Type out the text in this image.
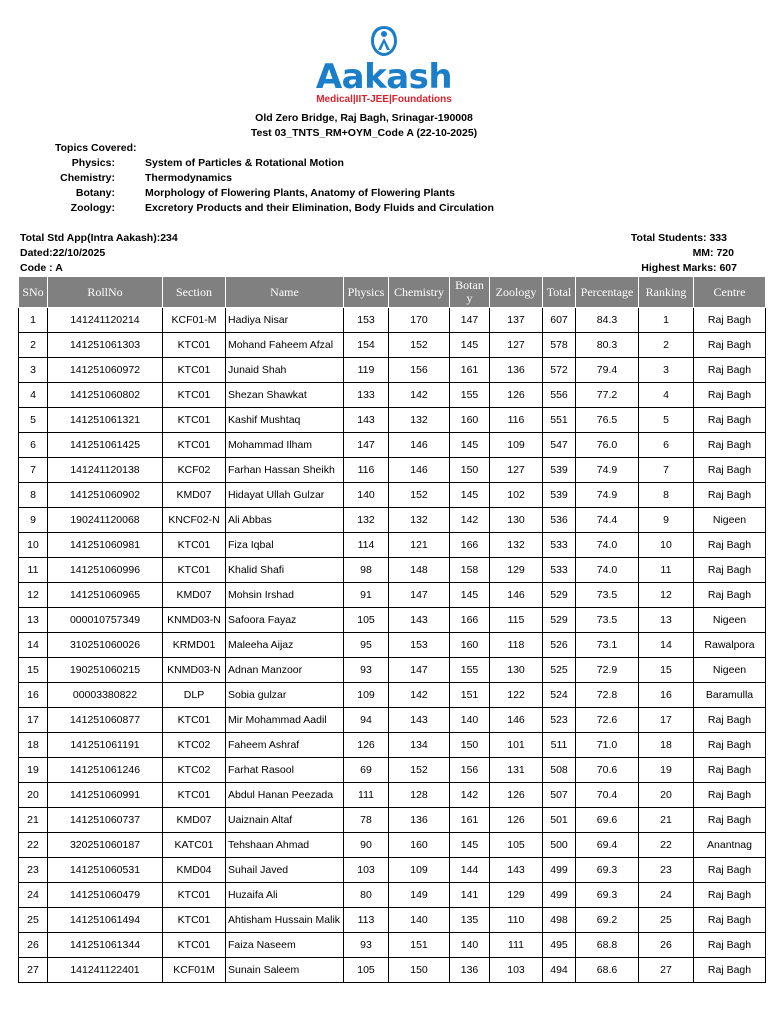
Aakash
Medical|IIT-JEE|Foundations
Old Zero Bridge, Raj Bagh, Srinagar-190008
Test 03_TNTS_RM+OYM_Code A (22-10-2025)
Topics Covered:
Physics:	System of Particles & Rotational Motion
Chemistry:	Thermodynamics
Botany:	Morphology of Flowering Plants, Anatomy of Flowering Plants
Zoology:	Excretory Products and their Elimination, Body Fluids and Circulation
Total Std App(Intra Aakash):234
Dated:22/10/2025
Code : A
Total Students: 333
MM: 720
Highest Marks: 607
SNo	RollNo	Section	Name	Physics	Chemistry	Botan y	Zoology	Total	Percentage	Ranking	Centre
1	141241120214	KCF01-M	Hadiya Nisar	153	170	147	137	607	84.3	1	Raj Bagh
2	141251061303	KTC01	Mohand Faheem Afzal	154	152	145	127	578	80.3	2	Raj Bagh
3	141251060972	KTC01	Junaid Shah	119	156	161	136	572	79.4	3	Raj Bagh
4	141251060802	KTC01	Shezan Shawkat	133	142	155	126	556	77.2	4	Raj Bagh
5	141251061321	KTC01	Kashif Mushtaq	143	132	160	116	551	76.5	5	Raj Bagh
6	141251061425	KTC01	Mohammad Ilham	147	146	145	109	547	76.0	6	Raj Bagh
7	141241120138	KCF02	Farhan Hassan Sheikh	116	146	150	127	539	74.9	7	Raj Bagh
8	141251060902	KMD07	Hidayat Ullah Gulzar	140	152	145	102	539	74.9	8	Raj Bagh
9	190241120068	KNCF02-N	Ali Abbas	132	132	142	130	536	74.4	9	Nigeen
10	141251060981	KTC01	Fiza Iqbal	114	121	166	132	533	74.0	10	Raj Bagh
11	141251060996	KTC01	Khalid Shafi	98	148	158	129	533	74.0	11	Raj Bagh
12	141251060965	KMD07	Mohsin Irshad	91	147	145	146	529	73.5	12	Raj Bagh
13	000010757349	KNMD03-N	Safoora Fayaz	105	143	166	115	529	73.5	13	Nigeen
14	310251060026	KRMD01	Maleeha Aijaz	95	153	160	118	526	73.1	14	Rawalpora
15	190251060215	KNMD03-N	Adnan Manzoor	93	147	155	130	525	72.9	15	Nigeen
16	00003380822	DLP	Sobia gulzar	109	142	151	122	524	72.8	16	Baramulla
17	141251060877	KTC01	Mir Mohammad Aadil	94	143	140	146	523	72.6	17	Raj Bagh
18	141251061191	KTC02	Faheem Ashraf	126	134	150	101	511	71.0	18	Raj Bagh
19	141251061246	KTC02	Farhat Rasool	69	152	156	131	508	70.6	19	Raj Bagh
20	141251060991	KTC01	Abdul Hanan Peezada	111	128	142	126	507	70.4	20	Raj Bagh
21	141251060737	KMD07	Uaiznain Altaf	78	136	161	126	501	69.6	21	Raj Bagh
22	320251060187	KATC01	Tehshaan Ahmad	90	160	145	105	500	69.4	22	Anantnag
23	141251060531	KMD04	Suhail Javed	103	109	144	143	499	69.3	23	Raj Bagh
24	141251060479	KTC01	Huzaifa Ali	80	149	141	129	499	69.3	24	Raj Bagh
25	141251061494	KTC01	Ahtisham Hussain Malik	113	140	135	110	498	69.2	25	Raj Bagh
26	141251061344	KTC01	Faiza Naseem	93	151	140	111	495	68.8	26	Raj Bagh
27	141241122401	KCF01M	Sunain Saleem	105	150	136	103	494	68.6	27	Raj Bagh
